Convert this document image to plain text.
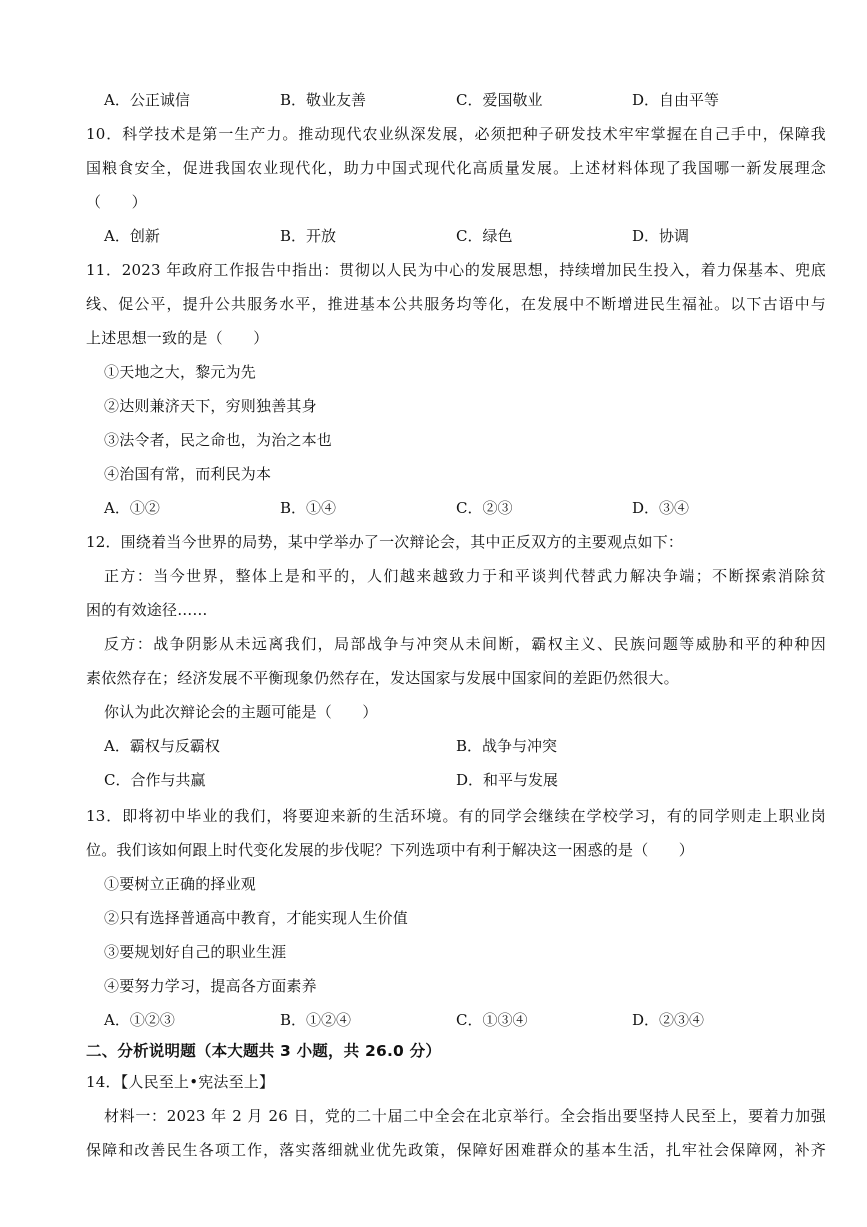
A．公正诚信	B．敬业友善	C．爱国敬业	D．自由平等
10．科学技术是第一生产力。推动现代农业纵深发展，必须把种子研发技术牢牢掌握在自己手中，保障我
国粮食安全，促进我国农业现代化，助力中国式现代化高质量发展。上述材料体现了我国哪一新发展理念
（　　）
A．创新	B．开放	C．绿色	D．协调
11．2023 年政府工作报告中指出：贯彻以人民为中心的发展思想，持续增加民生投入，着力保基本、兜底
线、促公平，提升公共服务水平，推进基本公共服务均等化，在发展中不断增进民生福祉。以下古语中与
上述思想一致的是（　　）
①天地之大，黎元为先
②达则兼济天下，穷则独善其身
③法令者，民之命也，为治之本也
④治国有常，而利民为本
A．①②	B．①④	C．②③	D．③④
12．围绕着当今世界的局势，某中学举办了一次辩论会，其中正反双方的主要观点如下：
正方：当今世界，整体上是和平的，人们越来越致力于和平谈判代替武力解决争端；不断探索消除贫
困的有效途径……
反方：战争阴影从未远离我们，局部战争与冲突从未间断，霸权主义、民族问题等威胁和平的种种因
素依然存在；经济发展不平衡现象仍然存在，发达国家与发展中国家间的差距仍然很大。
你认为此次辩论会的主题可能是（　　）
A．霸权与反霸权	B．战争与冲突
C．合作与共赢	D．和平与发展
13．即将初中毕业的我们，将要迎来新的生活环境。有的同学会继续在学校学习，有的同学则走上职业岗
位。我们该如何跟上时代变化发展的步伐呢？下列选项中有利于解决这一困惑的是（　　）
①要树立正确的择业观
②只有选择普通高中教育，才能实现人生价值
③要规划好自己的职业生涯
④要努力学习，提高各方面素养
A．①②③	B．①②④	C．①③④	D．②③④
二、分析说明题（本大题共 3 小题，共 26.0 分）
14．【人民至上•宪法至上】
材料一：2023 年 2 月 26 日，党的二十届二中全会在北京举行。全会指出要坚持人民至上，要着力加强
保障和改善民生各项工作，落实落细就业优先政策，保障好困难群众的基本生活，扎牢社会保障网，补齐
